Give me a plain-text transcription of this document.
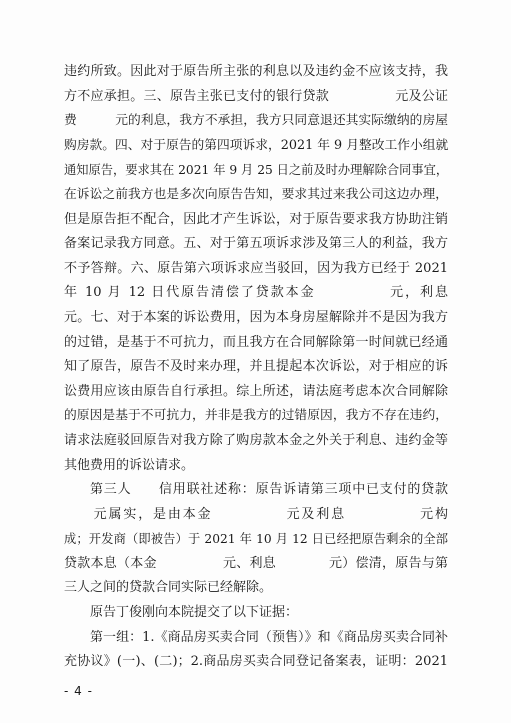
违约所致。因此对于原告所主张的利息以及违约金不应该支持，我
方不应承担。三、原告主张已支付的银行贷款　　　　　元及公证
费　　　元的利息，我方不承担，我方只同意退还其实际缴纳的房屋
购房款。四、对于原告的第四项诉求，2021 年 9 月整改工作小组就
通知原告，要求其在 2021 年 9 月 25 日之前及时办理解除合同事宜，
在诉讼之前我方也是多次向原告告知，要求其过来我公司这边办理，
但是原告拒不配合，因此才产生诉讼，对于原告要求我方协助注销
备案记录我方同意。五、对于第五项诉求涉及第三人的利益，我方
不予答辩。六、原告第六项诉求应当驳回，因为我方已经于 2021
年 10 月 12 日代原告清偿了贷款本金　　　　　元，利息
元。七、对于本案的诉讼费用，因为本身房屋解除并不是因为我方
的过错，是基于不可抗力，而且我方在合同解除第一时间就已经通
知了原告，原告不及时来办理，并且提起本次诉讼，对于相应的诉
讼费用应该由原告自行承担。综上所述，请法庭考虑本次合同解除
的原因是基于不可抗力，并非是我方的过错原因，我方不存在违约，
请求法庭驳回原告对我方除了购房款本金之外关于利息、违约金等
其他费用的诉讼请求。
第三人　　信用联社述称：原告诉请第三项中已支付的贷款
　　元属实，是由本金　　　　　元及利息　　　　　元构
成；开发商（即被告）于 2021 年 10 月 12 日已经把原告剩余的全部
贷款本息（本金　　　　　元、利息　　　　元）偿清，原告与第
三人之间的贷款合同实际已经解除。
原告丁俊刚向本院提交了以下证据：
第一组：1.《商品房买卖合同（预售）》和《商品房买卖合同补
充协议》(一)、(二)；2.商品房买卖合同登记备案表，证明：2021
- 4 -
